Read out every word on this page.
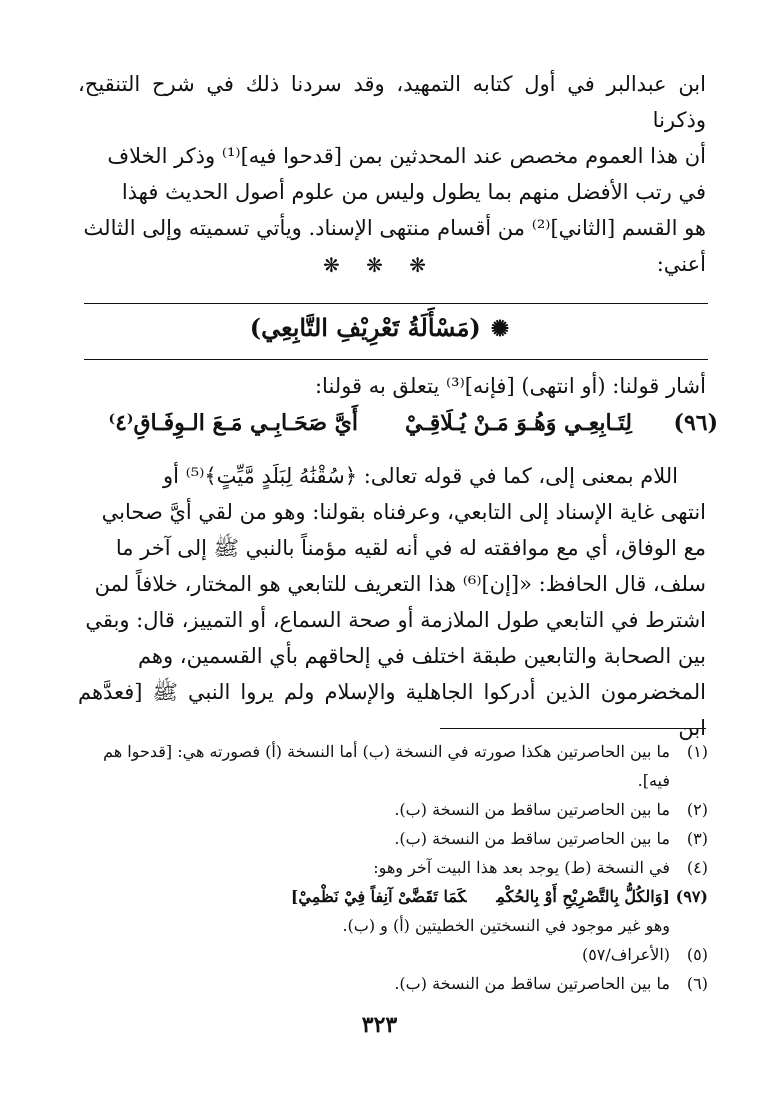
ابن عبدالبر في أول كتابه التمهيد، وقد سردنا ذلك في شرح التنقيح، وذكرنا

أن هذا العموم مخصص عند المحدثين بمن [قدحوا فيه]⁽¹⁾ وذكر الخلاف

في رتب الأفضل منهم بما يطول وليس من علوم أصول الحديث فهذا

هو القسم [الثاني]⁽²⁾ من أقسام منتهى الإسناد. ويأتي تسميته وإلى الثالث

أعني:

❋ ❋ ❋
✺(مَسْأَلَةُ تَعْرِيْفِ التَّابِعِي)
أشار قولنا: (أو انتهى) [فإنه]⁽³⁾ يتعلق به قولنا:
(٩٦)
لِتَـابِعِـي وَهُـوَ مَـنْ يُـلَاقِـيْ
أَيَّ صَحَـابِـي مَـعَ الـوِفَـاقِ⁽٤⁾

اللام بمعنى إلى، كما في قوله تعالى: ﴿سُقْنَٰهُ لِبَلَدٍ مَّيِّتٍ﴾⁽⁵⁾ أو

انتهى غاية الإسناد إلى التابعي، وعرفناه بقولنا: وهو من لقي أيَّ صحابي

مع الوفاق، أي مع موافقته له في أنه لقيه مؤمناً بالنبي ﷺ إلى آخر ما

سلف، قال الحافظ: «[إن]⁽⁶⁾ هذا التعريف للتابعي هو المختار، خلافاً لمن

اشترط في التابعي طول الملازمة أو صحة السماع، أو التمييز، قال: وبقي

بين الصحابة والتابعين طبقة اختلف في إلحاقهم بأي القسمين، وهم

المخضرمون الذين أدركوا الجاهلية والإسلام ولم يروا النبي ﷺ [فعدَّهم ابن

(١)
ما بين الحاصرتين هكذا صورته في النسخة (ب) أما النسخة (أ) فصورته هي: [قدحوا هم فيه].
(٢)
ما بين الحاصرتين ساقط من النسخة (ب).
(٣)
ما بين الحاصرتين ساقط من النسخة (ب).
(٤)
في النسخة (ط) يوجد بعد هذا البيت آخر وهو:
(٩٧)
[وَالكُلُّ بِالتَّصْرِيْحِ أَوْ بِالحُكْمِكَمَا تَقَضَّىْ آنِفاً فِيْ نَظْمِيْ]
وهو غير موجود في النسختين الخطيتين (أ) و (ب).
(٥)
(الأعراف/٥٧)
(٦)
ما بين الحاصرتين ساقط من النسخة (ب).
٣٢٣
